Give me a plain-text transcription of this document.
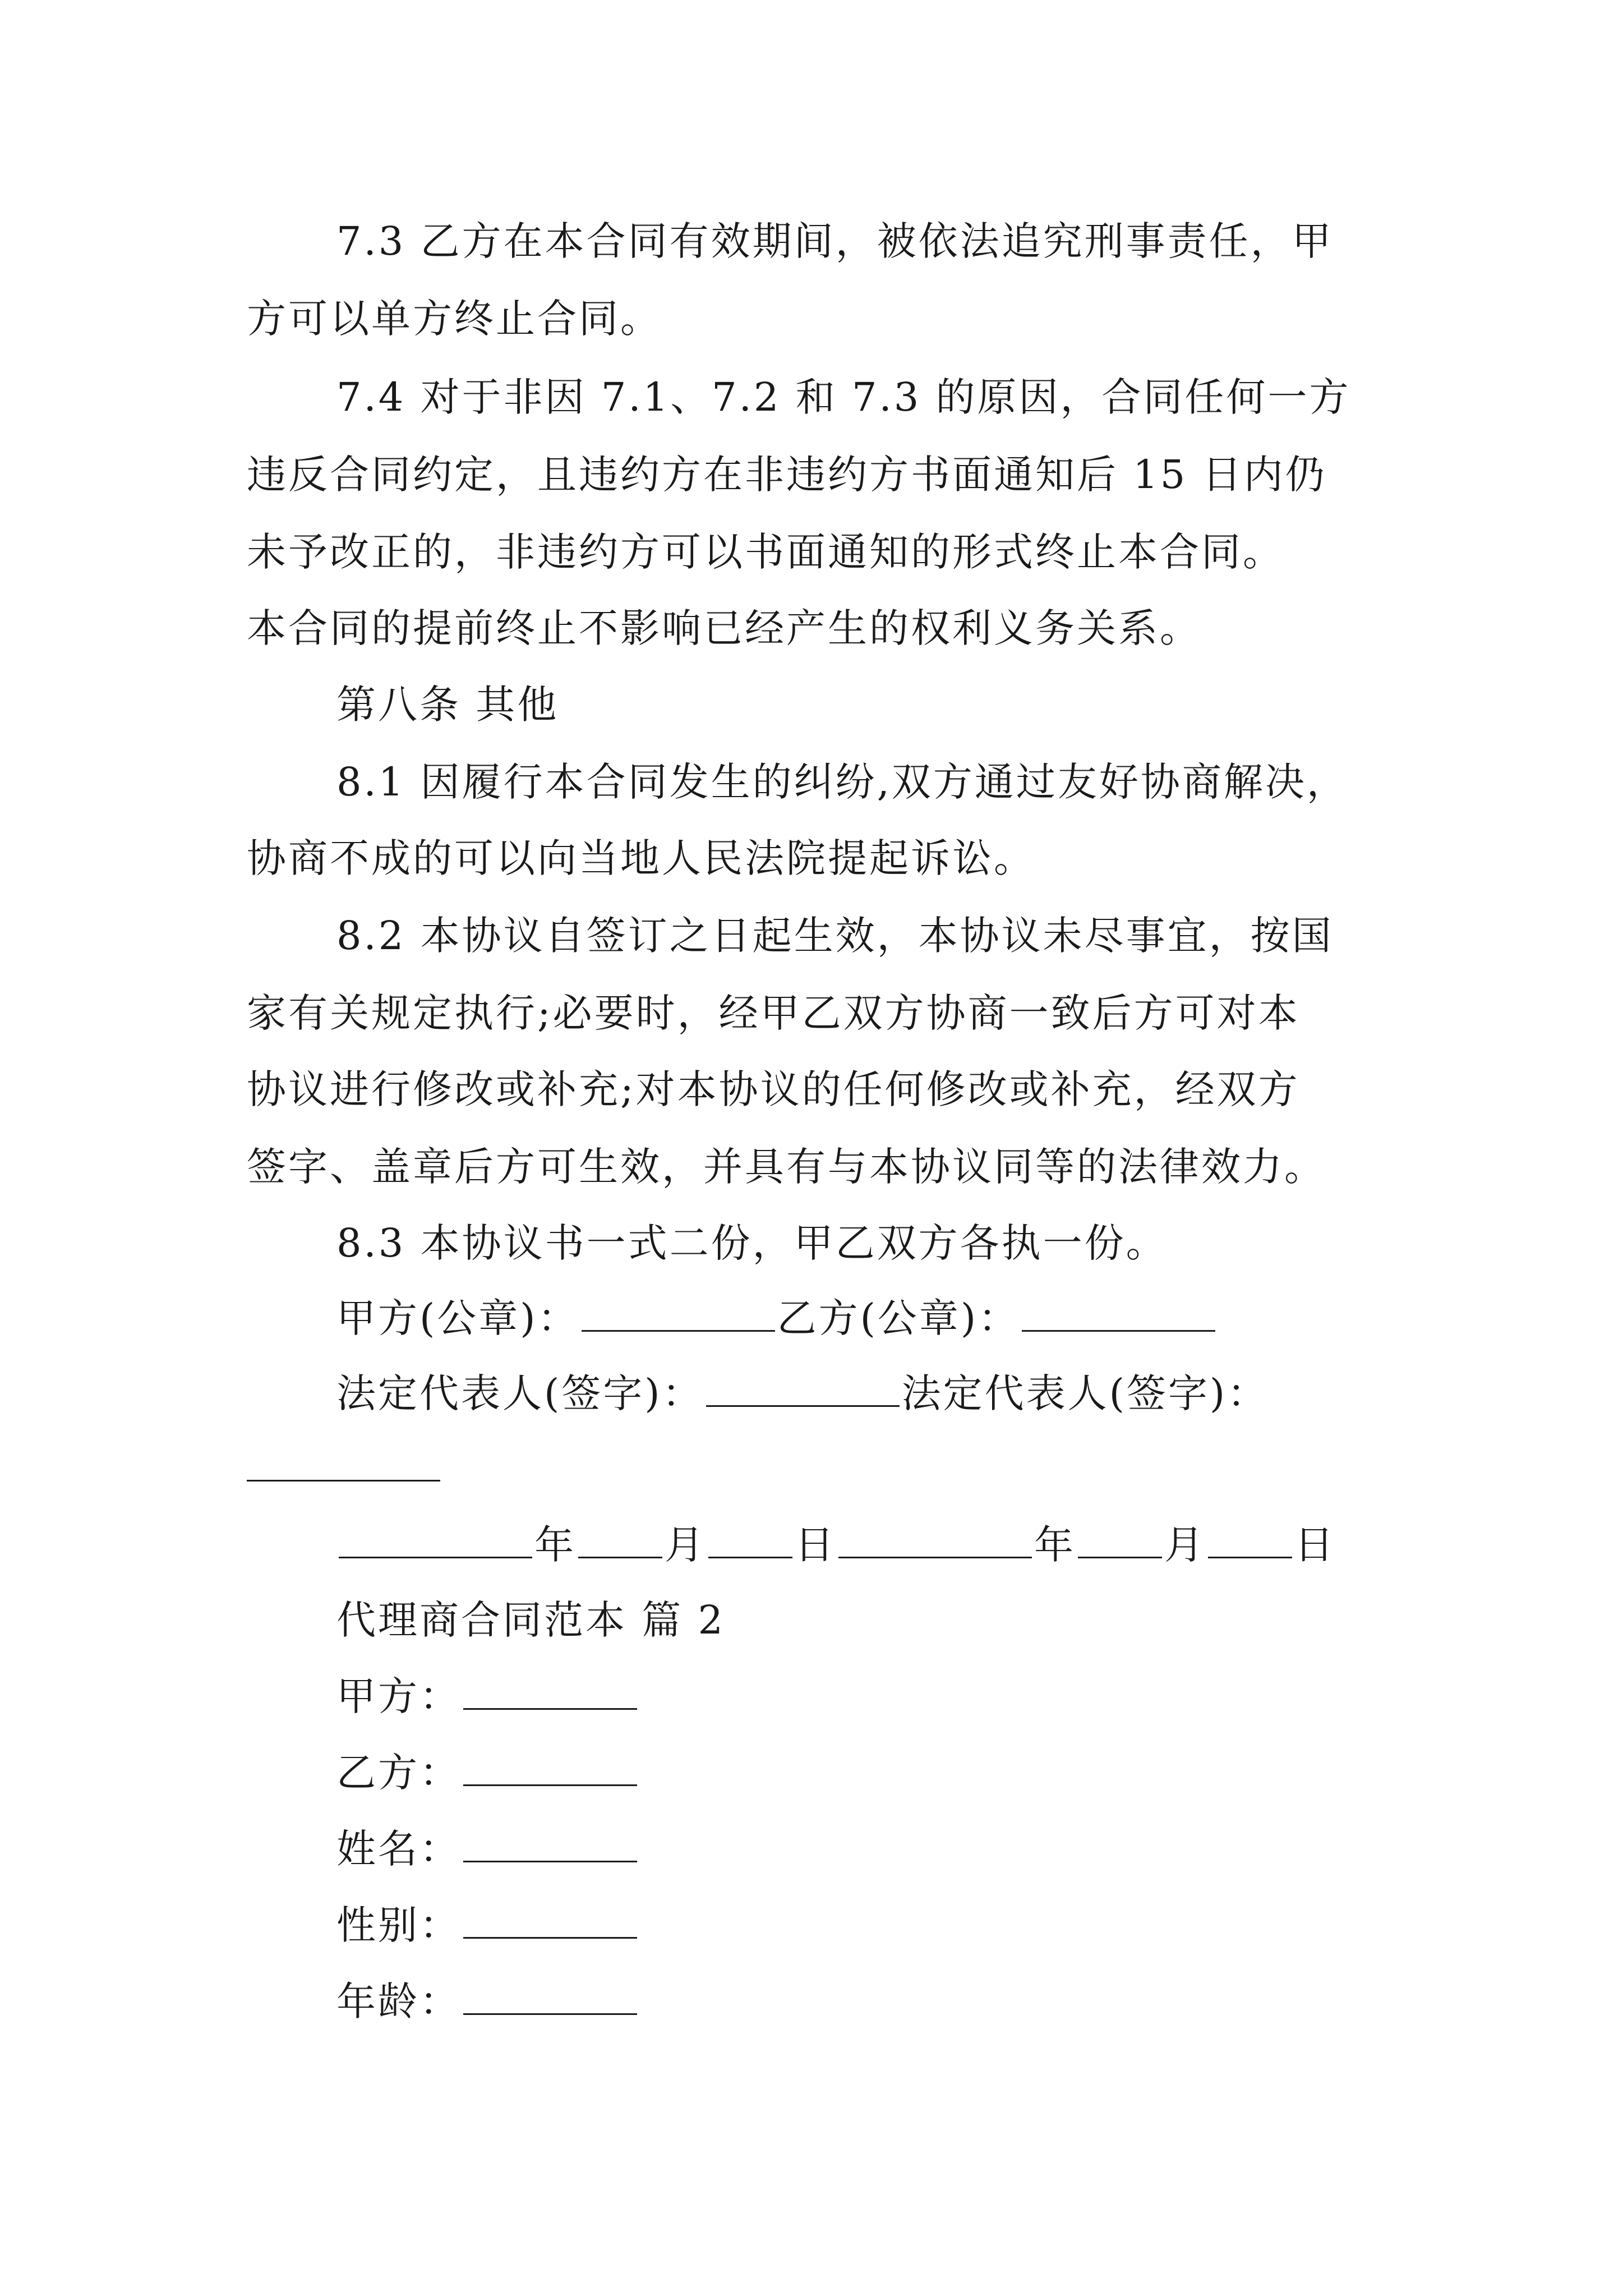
7.3 乙方在本合同有效期间，被依法追究刑事责任，甲
方可以单方终止合同。
7.4 对于非因 7.1、7.2 和 7.3 的原因，合同任何一方
违反合同约定，且违约方在非违约方书面通知后 15 日内仍
未予改正的，非违约方可以书面通知的形式终止本合同。
本合同的提前终止不影响已经产生的权利义务关系。
第八条 其他
8.1 因履行本合同发生的纠纷,双方通过友好协商解决，
协商不成的可以向当地人民法院提起诉讼。
8.2 本协议自签订之日起生效，本协议未尽事宜，按国
家有关规定执行;必要时，经甲乙双方协商一致后方可对本
协议进行修改或补充;对本协议的任何修改或补充，经双方
签字、盖章后方可生效，并具有与本协议同等的法律效力。
8.3 本协议书一式二份，甲乙双方各执一份。
甲方(公章)：	乙方(公章)：
法定代表人(签字)：	法定代表人(签字)：
年 月 日	年 月 日
代理商合同范本 篇 2
甲方：
乙方：
姓名：
性别：
年龄：
